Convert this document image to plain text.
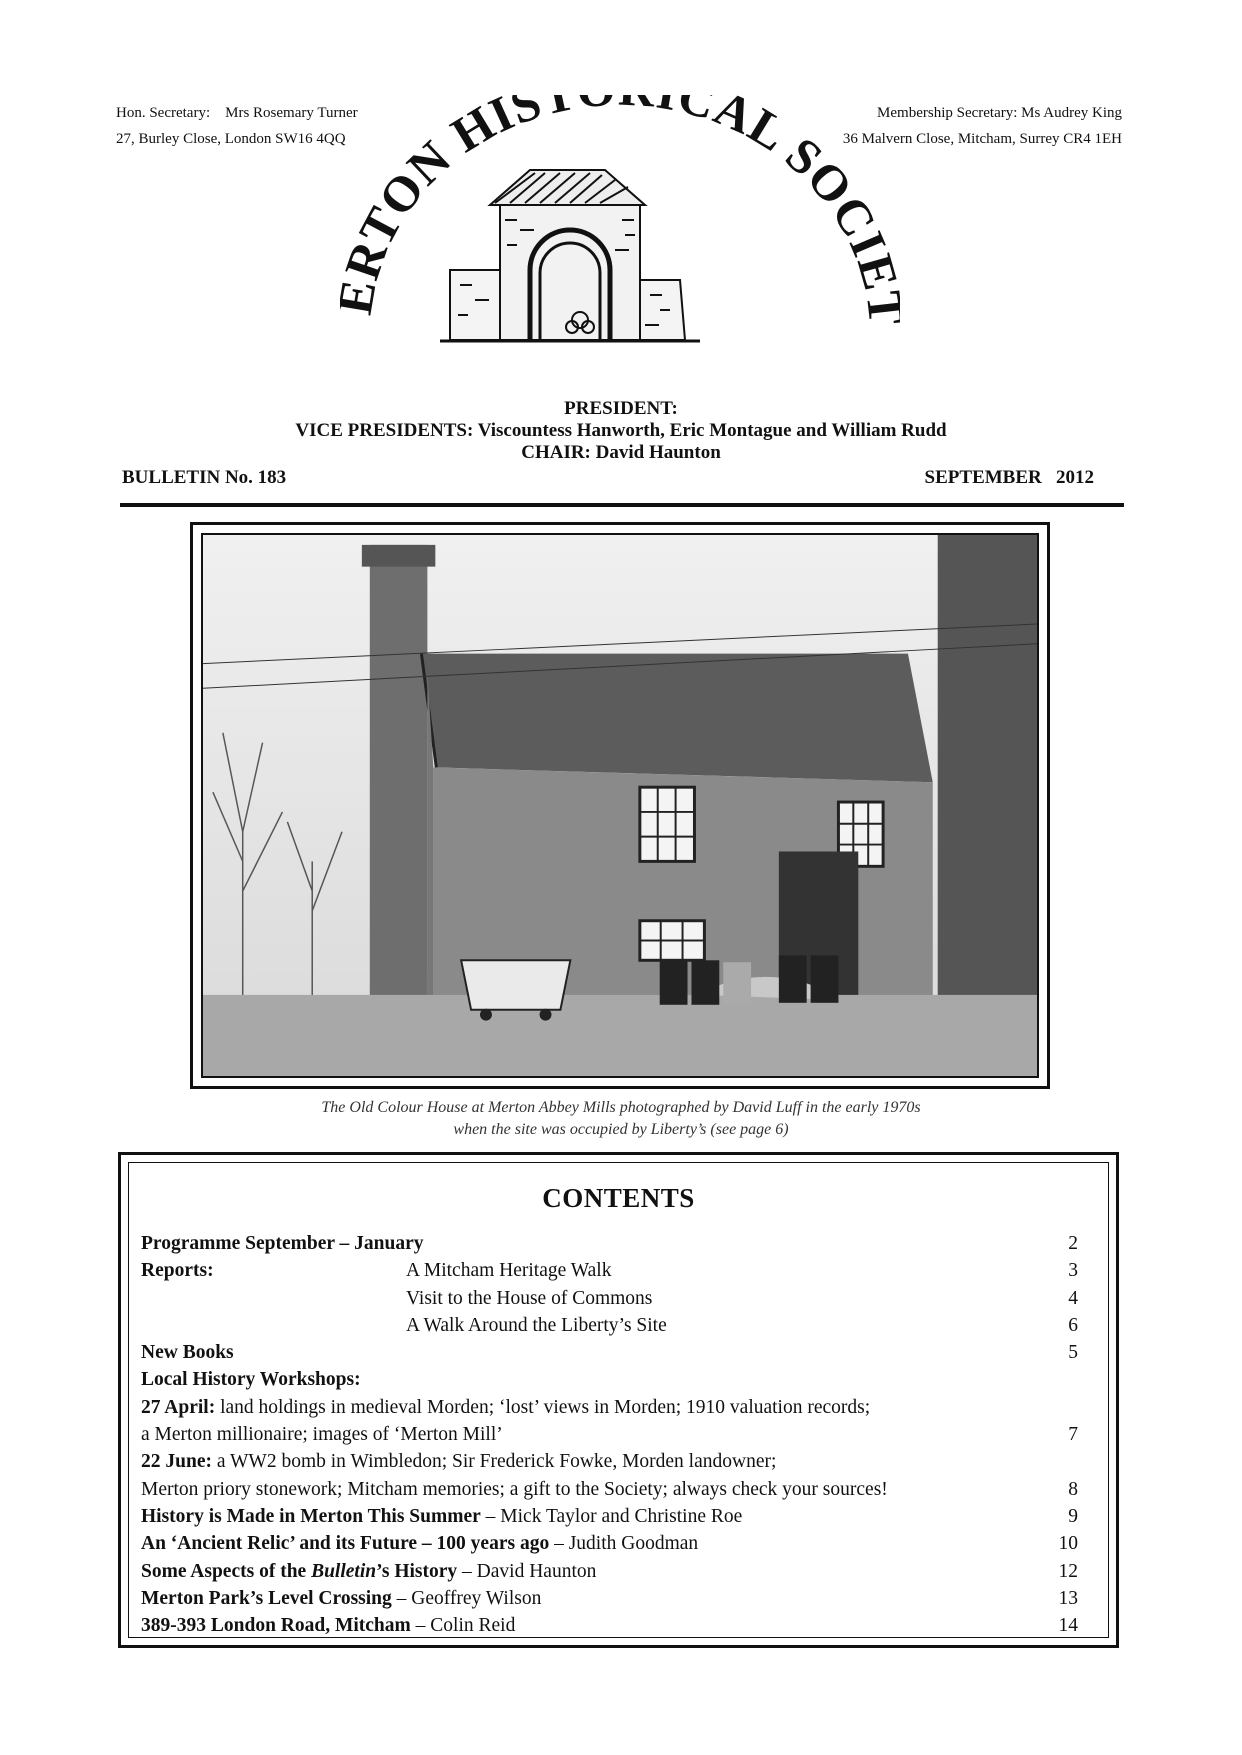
Hon. Secretary:    Mrs Rosemary Turner
27, Burley Close, London SW16 4QQ
Membership Secretary: Ms Audrey King
36 Malvern Close, Mitcham, Surrey CR4 1EH
TON HIS CAL SOCI
PRESIDENT:
VICE PRESIDENTS: Viscountess Hanworth, Eric Montague and William Rudd
CHAIR: David Haunton
BULLETIN No. 183	SEPTEMBER   2012
The Old Colour House at Merton Abbey Mills photographed by David Luff in the early 1970s
when the site was occupied by Liberty’s (see page 6)
CONTENTS
Programme September – January	2
Reports:	A Mitcham Heritage Walk	3
Visit to the House of Commons	4
A Walk Around the Liberty’s Site	6
New Books	5
Local History Workshops:
27 April: land holdings in medieval Morden; ‘lost’ views in Morden; 1910 valuation records;
a Merton millionaire; images of ‘Merton Mill’	7
22 June: a WW2 bomb in Wimbledon; Sir Frederick Fowke, Morden landowner;
Merton priory stonework; Mitcham memories; a gift to the Society; always check your sources!	8
History is Made in Merton This Summer – Mick Taylor and Christine Roe	9
An ‘Ancient Relic’ and its Future – 100 years ago – Judith Goodman	10
Some Aspects of the Bulletin’s History – David Haunton	12
Merton Park’s Level Crossing – Geoffrey Wilson	13
389-393 London Road, Mitcham – Colin Reid	14
